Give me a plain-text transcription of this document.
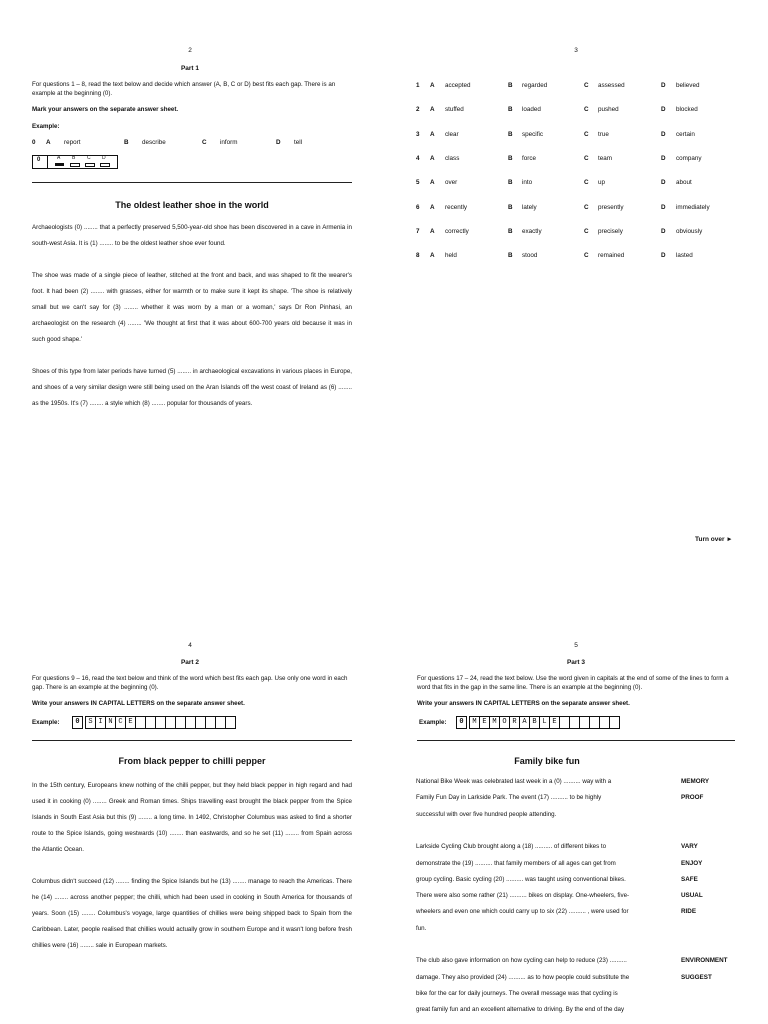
2
Part 1
For questions 1 – 8, read the text below and decide which answer (A, B, C or D) best fits each gap. There is an example at the beginning (0).
Mark your answers on the separate answer sheet.
Example:
0 A report	B describe	C inform	D tell
0	A B C D
The oldest leather shoe in the world
Archaeologists (0) ........ that a perfectly preserved 5,500-year-old shoe has been discovered in a cave in Armenia in south-west Asia. It is (1) ........ to be the oldest leather shoe ever found.
The shoe was made of a single piece of leather, stitched at the front and back, and was shaped to fit the wearer's foot. It had been (2) ........ with grasses, either for warmth or to make sure it kept its shape. 'The shoe is relatively small but we can't say for (3) ........ whether it was worn by a man or a woman,' says Dr Ron Pinhasi, an archaeologist on the research (4) ........ 'We thought at first that it was about 600-700 years old because it was in such good shape.'
Shoes of this type from later periods have turned (5) ........ in archaeological excavations in various places in Europe, and shoes of a very similar design were still being used on the Aran Islands off the west coast of Ireland as (6) ........ as the 1950s. It's (7) ........ a style which (8) ........ popular for thousands of years.
Turn over ►
3
1 A accepted	B regarded	C assessed	D believed
2 A stuffed	B loaded	C pushed	D blocked
3 A clear	B specific	C true	D certain
4 A class	B force	C team	D company
5 A over	B into	C up	D about
6 A recently	B lately	C presently	D immediately
7 A correctly	B exactly	C precisely	D obviously
8 A held	B stood	C remained	D lasted
4
Part 2
For questions 9 – 16, read the text below and think of the word which best fits each gap. Use only one word in each gap. There is an example at the beginning (0).
Write your answers IN CAPITAL LETTERS on the separate answer sheet.
Example:	0	S I N C E
From black pepper to chilli pepper
In the 15th century, Europeans knew nothing of the chilli pepper, but they held black pepper in high regard and had used it in cooking (0) ........ Greek and Roman times. Ships travelling east brought the black pepper from the Spice Islands in South East Asia but this (9) ........ a long time. In 1492, Christopher Columbus was asked to find a shorter route to the Spice Islands, going westwards (10) ........ than eastwards, and so he set (11) ........ from Spain across the Atlantic Ocean.
Columbus didn't succeed (12) ........ finding the Spice Islands but he (13) ........ manage to reach the Americas. There he (14) ........ across another pepper; the chilli, which had been used in cooking in South America for thousands of years. Soon (15) ........ Columbus's voyage, large quantities of chillies were being shipped back to Spain from the Caribbean. Later, people realised that chillies would actually grow in southern Europe and it wasn't long before fresh chillies were (16) ........ sale in European markets.
5
Part 3
For questions 17 – 24, read the text below. Use the word given in capitals at the end of some of the lines to form a word that fits in the gap in the same line. There is an example at the beginning (0).
Write your answers IN CAPITAL LETTERS on the separate answer sheet.
Example:	0	M E M O R A B L E
Family bike fun
National Bike Week was celebrated last week in a (0) .......... way with a	MEMORY
Family Fun Day in Larkside Park. The event (17) .......... to be highly	PROOF
successful with over five hundred people attending.
Larkside Cycling Club brought along a (18) .......... of different bikes to	VARY
demonstrate the (19) .......... that family members of all ages can get from	ENJOY
group cycling. Basic cycling (20) .......... was taught using conventional bikes.	SAFE
There were also some rather (21) .......... bikes on display. One-wheelers, five-	USUAL
wheelers and even one which could carry up to six (22) .......... , were used for	RIDE
fun.
The club also gave information on how cycling can help to reduce (23) ..........	ENVIRONMENT
damage. They also provided (24) .......... as to how people could substitute the	SUGGEST
bike for the car for daily journeys. The overall message was that cycling is
great family fun and an excellent alternative to driving. By the end of the day
